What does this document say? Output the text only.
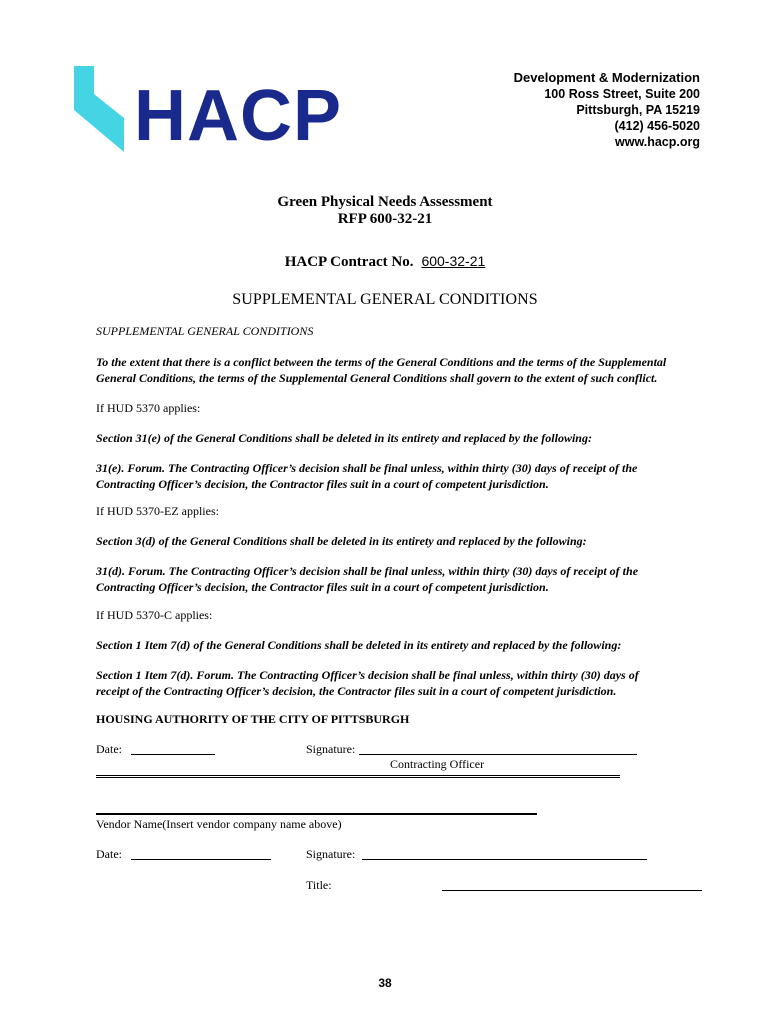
HACP	Development & Modernization
100 Ross Street, Suite 200
Pittsburgh, PA 15219
(412) 456-5020
www.hacp.org
Green Physical Needs Assessment
RFP 600-32-21
HACP Contract No. 600-32-21
SUPPLEMENTAL GENERAL CONDITIONS
SUPPLEMENTAL GENERAL CONDITIONS
To the extent that there is a conflict between the terms of the General Conditions and the terms of the Supplemental
General Conditions, the terms of the Supplemental General Conditions shall govern to the extent of such conflict.
If HUD 5370 applies:
Section 31(e) of the General Conditions shall be deleted in its entirety and replaced by the following:
31(e). Forum. The Contracting Officer’s decision shall be final unless, within thirty (30) days of receipt of the
Contracting Officer’s decision, the Contractor files suit in a court of competent jurisdiction.
If HUD 5370-EZ applies:
Section 3(d) of the General Conditions shall be deleted in its entirety and replaced by the following:
31(d). Forum. The Contracting Officer’s decision shall be final unless, within thirty (30) days of receipt of the
Contracting Officer’s decision, the Contractor files suit in a court of competent jurisdiction.
If HUD 5370-C applies:
Section 1 Item 7(d) of the General Conditions shall be deleted in its entirety and replaced by the following:
Section 1 Item 7(d). Forum. The Contracting Officer’s decision shall be final unless, within thirty (30) days of
receipt of the Contracting Officer’s decision, the Contractor files suit in a court of competent jurisdiction.
HOUSING AUTHORITY OF THE CITY OF PITTSBURGH
Date:	Signature:
Contracting Officer
Vendor Name(Insert vendor company name above)
Date:	Signature:
Title:
38
